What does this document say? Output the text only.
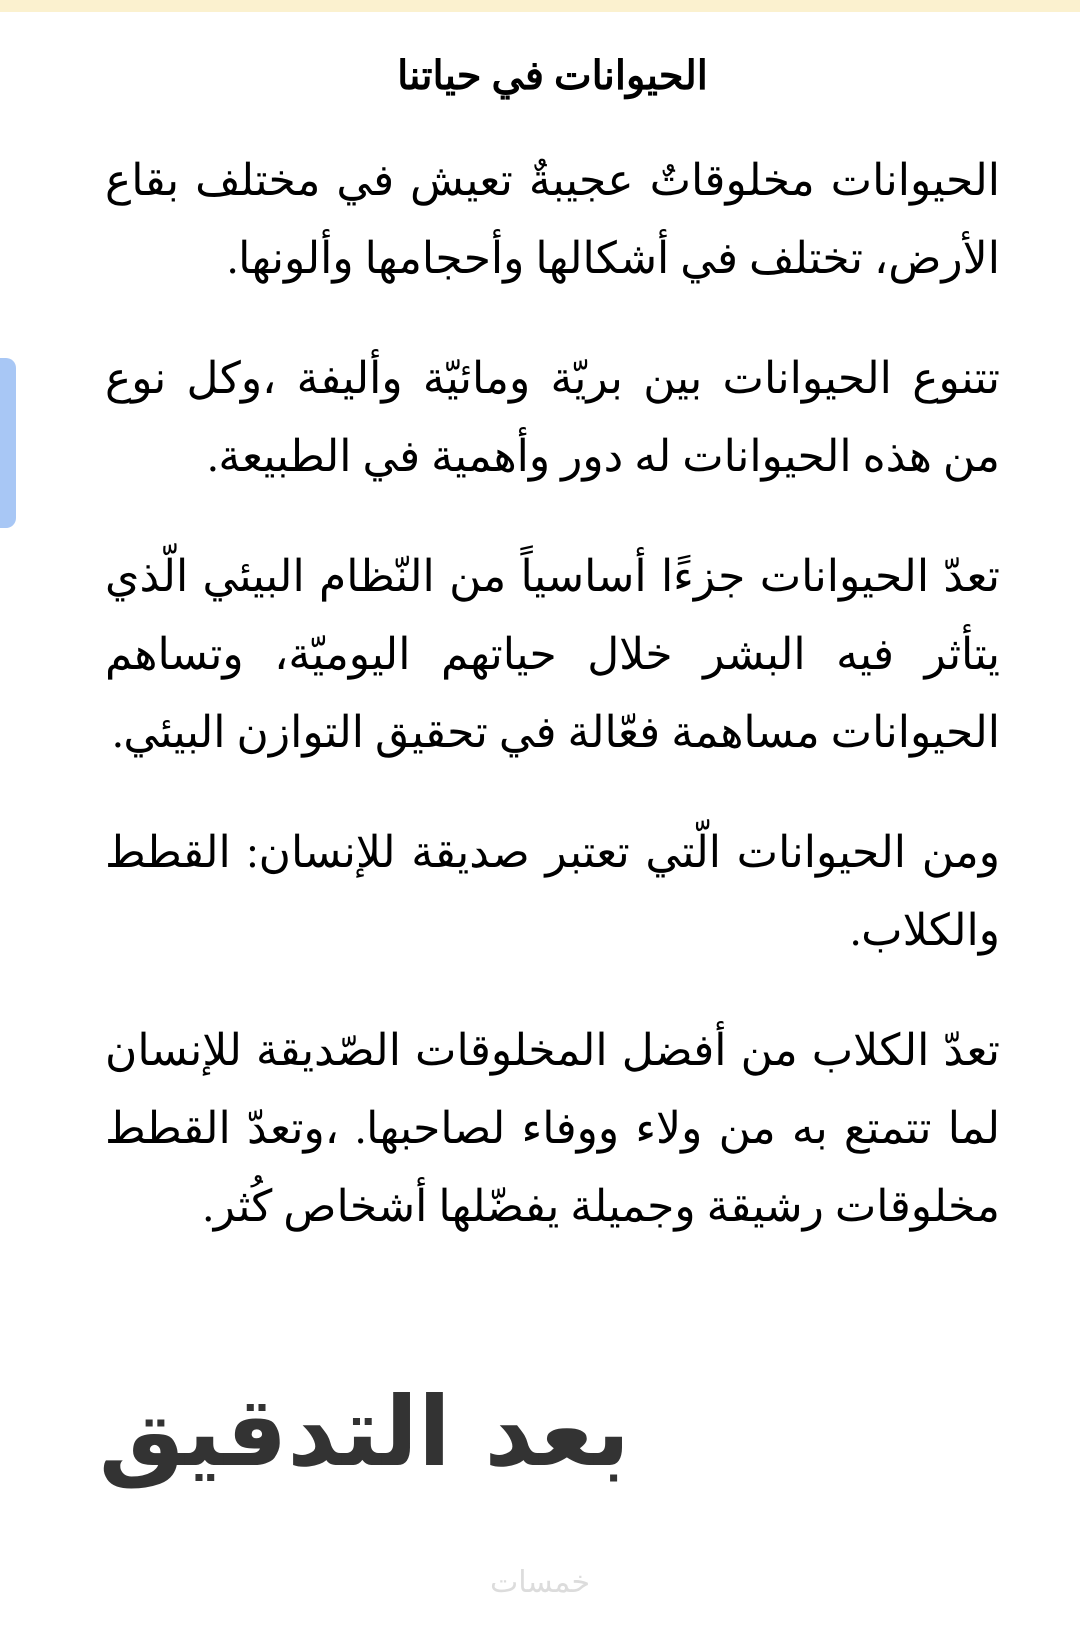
الحيوانات في حياتنا

الحيوانات مخلوقاتٌ عجيبةٌ تعيش في مختلف بقاع الأرض، تختلف في أشكالها وأحجامها وألونها.

تتنوع الحيوانات بين بريّة ومائيّة وأليفة ،وكل نوع من هذه الحيوانات له دور وأهمية في الطبيعة.

تعدّ الحيوانات جزءًا أساسياً من النّظام البيئي الّذي يتأثر فيه البشر خلال حياتهم اليوميّة، وتساهم الحيوانات مساهمة فعّالة في تحقيق التوازن البيئي.

ومن الحيوانات الّتي تعتبر صديقة للإنسان: القطط والكلاب.

تعدّ الكلاب من أفضل المخلوقات الصّديقة للإنسان لما تتمتع به من ولاء ووفاء لصاحبها. ،وتعدّ القطط مخلوقات رشيقة وجميلة يفضّلها أشخاص كُثر.

بعد التدقيق
خمسات
